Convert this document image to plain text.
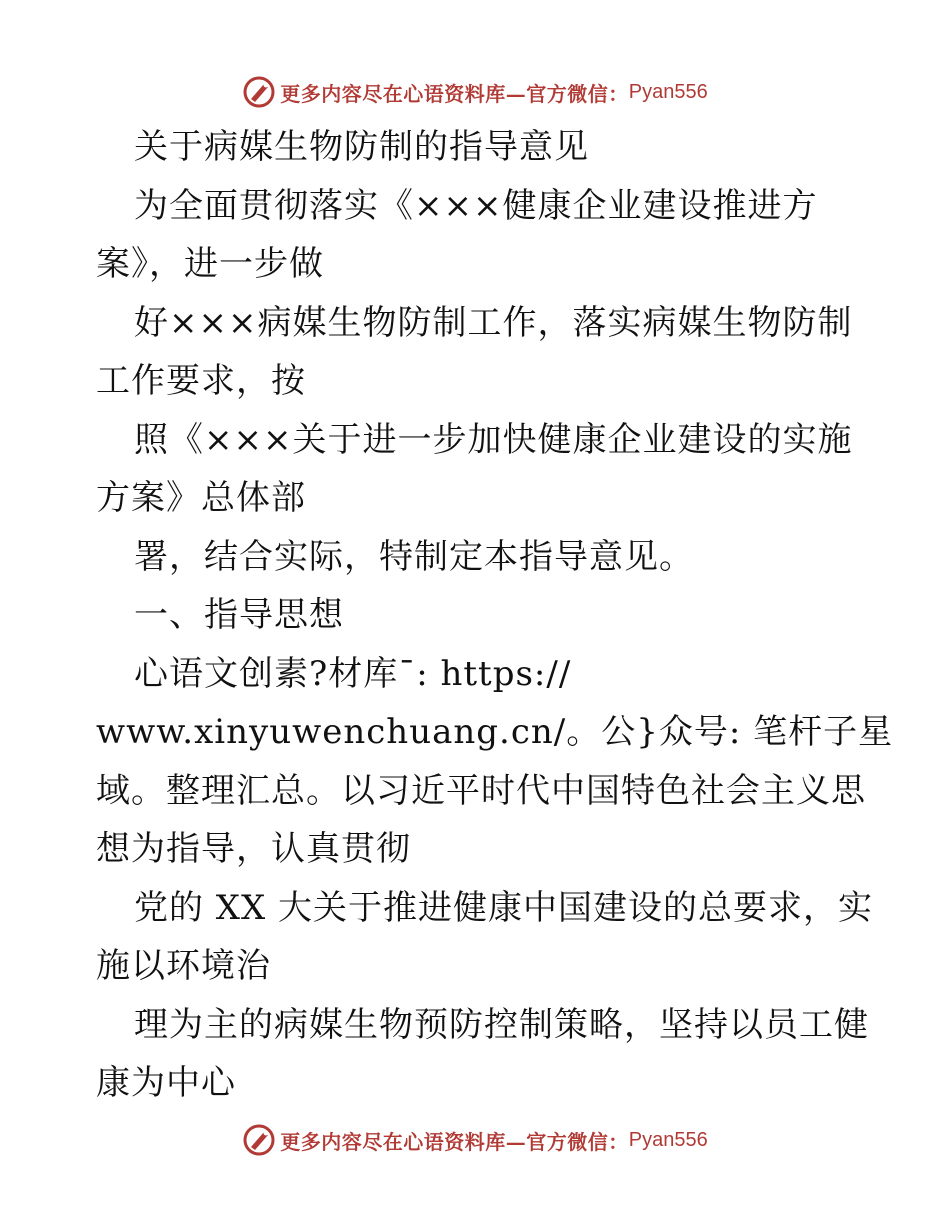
更多内容尽在心语资料库—官方微信： Pyan556
关于病媒生物防制的指导意见
为全面贯彻落实《×××健康企业建设推进方
案》，进一步做
好×××病媒生物防制工作，落实病媒生物防制
工作要求，按
照《×××关于进一步加快健康企业建设的实施
方案》总体部
署，结合实际，特制定本指导意见。
一、指导思想
心语文创素?材库¯: https://
www.xinyuwenchuang.cn/。公}众号: 笔杆子星
域。整理汇总。以习近平时代中国特色社会主义思
想为指导，认真贯彻
党的 XX 大关于推进健康中国建设的总要求，实
施以环境治
理为主的病媒生物预防控制策略，坚持以员工健
康为中心
更多内容尽在心语资料库—官方微信： Pyan556
